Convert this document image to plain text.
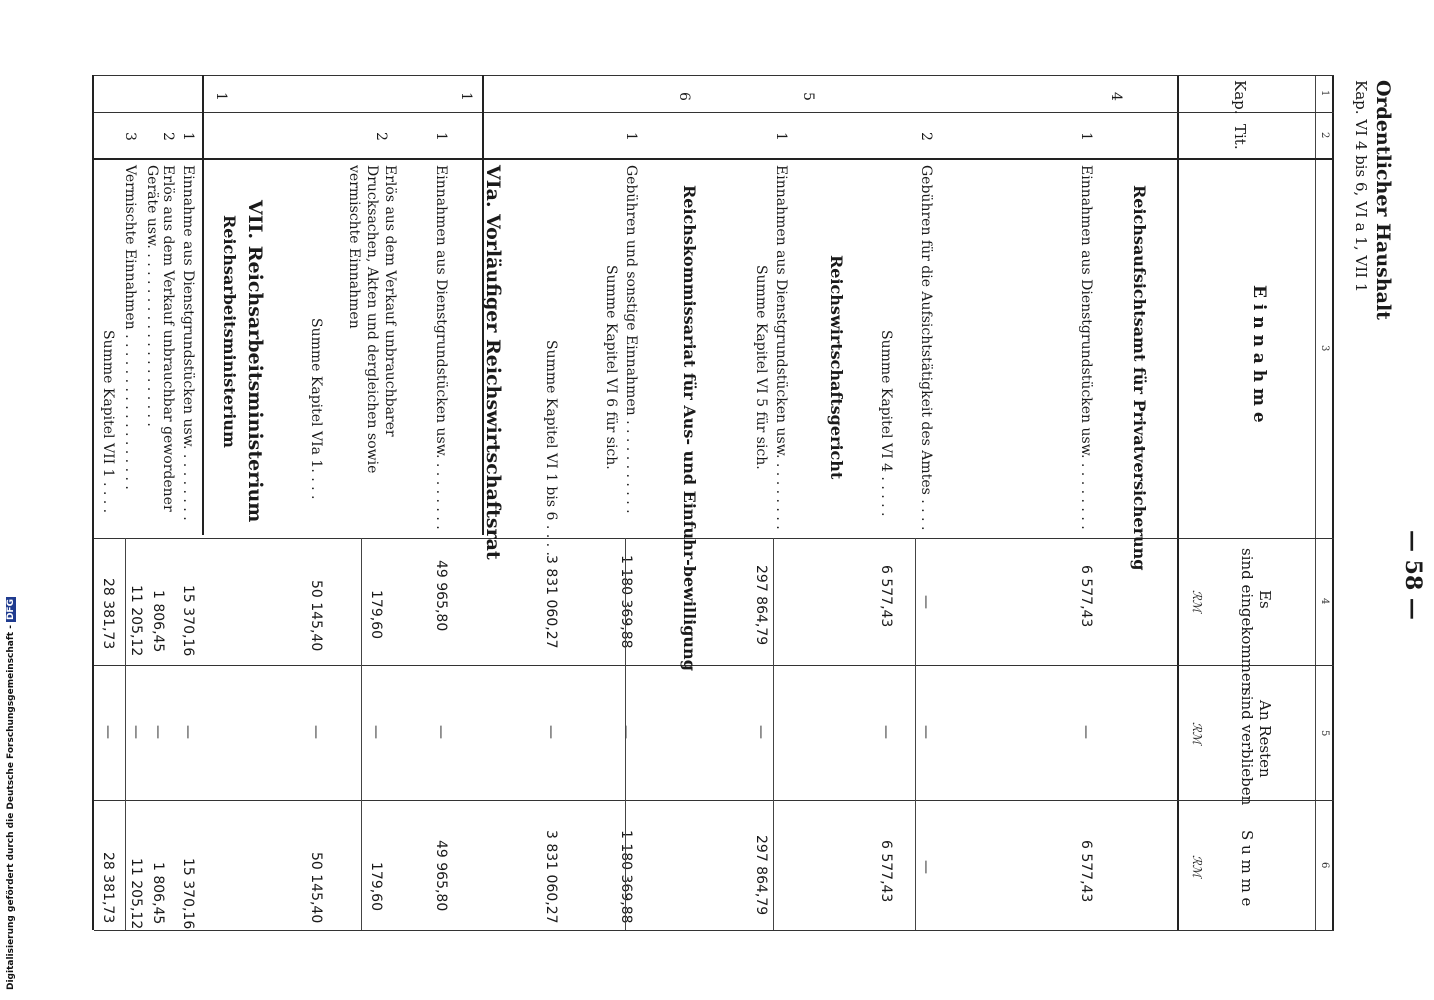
— 58 —
Ordentlicher Haushalt
Kap. VI 4 bis 6, VI a 1, VII 1
1
2
3
4
5
6
Kap.
Tit.
E i n n a h m e
Es
sind eingekommen
ℛℳ
An Resten
sind verblieben
ℛℳ
S u m m e
ℛℳ
4
Reichsaufsichtsamt für Privatversicherung
1
Einnahmen aus Dienstgrundstücken usw. . . . . . . . .
6 577,43
—
6 577,43
2
Gebühren für die Aufsichtstätigkeit des Amtes . . . .
—
—
—
Summe Kapitel VI 4 . . . . .
6 577,43
—
6 577,43
5
Reichswirtschaftsgericht
1
Einnahmen aus Dienstgrundstücken usw. . . . . . . . .
Summe Kapitel VI 5 für sich.
297 864,79
—
297 864,79
6
Reichskommissariat für Aus- und Einfuhr-bewilligung
1
Gebühren und sonstige Einnahmen . . . . . . . . . . .
Summe Kapitel VI 6 für sich.
1 180 369,88
—
1 180 369,88
Summe Kapitel VI 1 bis 6 . . . .
3 831 060,27
—
3 831 060,27
VIa. Vorläufiger Reichswirtschaftsrat
1
1
Einnahmen aus Dienstgrundstücken usw. . . . . . . . .
49 965,80
—
49 965,80
2
Erlös aus dem Verkauf unbrauchbarer Drucksachen, Akten und dergleichen sowie vermischte Einnahmen
179,60
—
179,60
Summe Kapitel VIa 1. . . .
50 145,40
—
50 145,40
VII. Reichsarbeitsministerium
Reichsarbeitsministerium
1
1
Einnahme aus Dienstgrundstücken usw. . . . . . . . .
15 370,16
—
15 370,16
2
Erlös aus dem Verkauf unbrauchbar gewordener Geräte usw. . . . . . . . . . . . . . . . . . . . .
1 806,45
—
1 806,45
3
Vermischte Einnahmen . . . . . . . . . . . . . . . . . .
11 205,12
—
11 205,12
Summe Kapitel VII 1 . . . .
28 381,73
—
28 381,73
Digitalisierung gefördert durch die Deutsche Forschungsgemeinschaft -DFG
